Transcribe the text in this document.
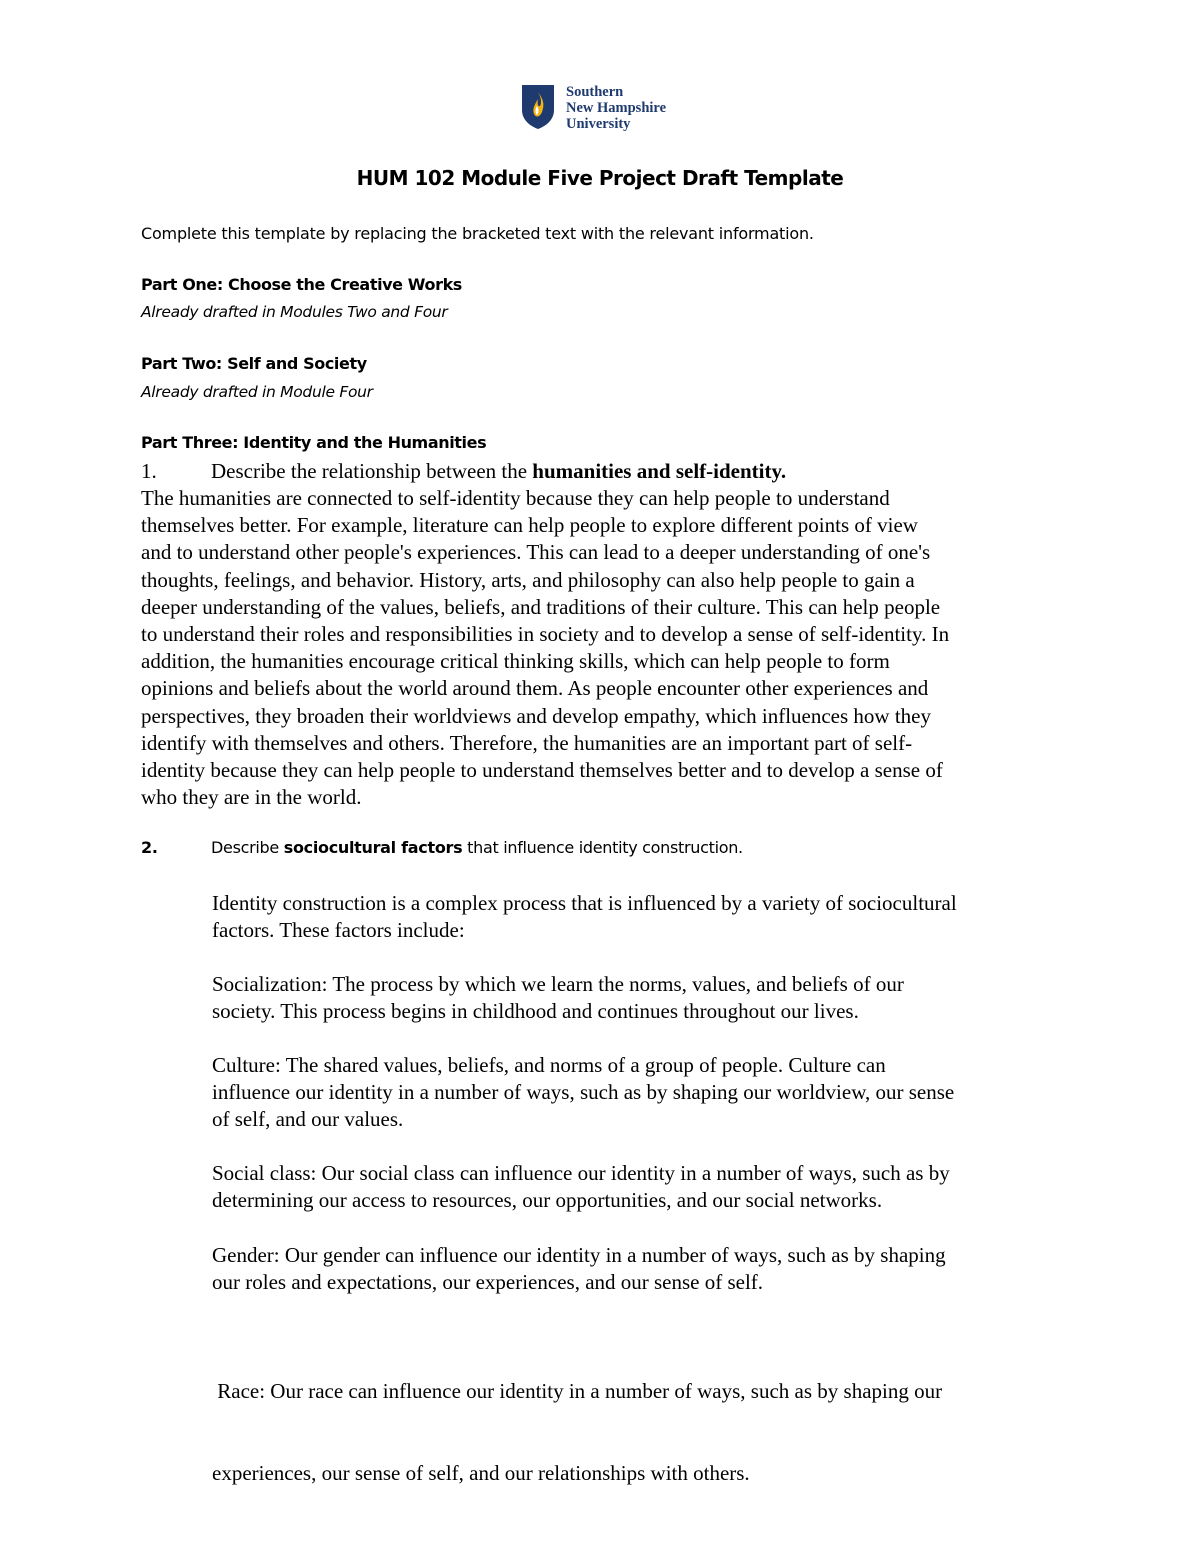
Southern
New Hampshire
University
HUM 102 Module Five Project Draft Template
Complete this template by replacing the bracketed text with the relevant information.
Part One: Choose the Creative Works
Already drafted in Modules Two and Four
Part Two: Self and Society
Already drafted in Module Four
Part Three: Identity and the Humanities
1.	Describe the relationship between the humanities and self-identity.
The humanities are connected to self-identity because they can help people to understand
themselves better. For example, literature can help people to explore different points of view
and to understand other people's experiences. This can lead to a deeper understanding of one's
thoughts, feelings, and behavior. History, arts, and philosophy can also help people to gain a
deeper understanding of the values, beliefs, and traditions of their culture. This can help people
to understand their roles and responsibilities in society and to develop a sense of self-identity. In
addition, the humanities encourage critical thinking skills, which can help people to form
opinions and beliefs about the world around them. As people encounter other experiences and
perspectives, they broaden their worldviews and develop empathy, which influences how they
identify with themselves and others. Therefore, the humanities are an important part of self-
identity because they can help people to understand themselves better and to develop a sense of
who they are in the world.
2.	Describe sociocultural factors that influence identity construction.
Identity construction is a complex process that is influenced by a variety of sociocultural
factors. These factors include:
Socialization: The process by which we learn the norms, values, and beliefs of our
society. This process begins in childhood and continues throughout our lives.
Culture: The shared values, beliefs, and norms of a group of people. Culture can
influence our identity in a number of ways, such as by shaping our worldview, our sense
of self, and our values.
Social class: Our social class can influence our identity in a number of ways, such as by
determining our access to resources, our opportunities, and our social networks.
Gender: Our gender can influence our identity in a number of ways, such as by shaping
our roles and expectations, our experiences, and our sense of self.

Race: Our race can influence our identity in a number of ways, such as by shaping our

experiences, our sense of self, and our relationships with others.
